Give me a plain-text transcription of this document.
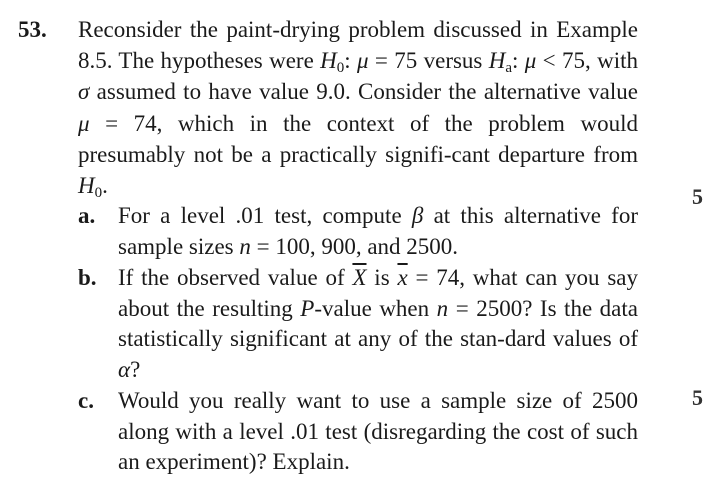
53. Reconsider the paint-drying problem discussed in Example 8.5. The hypotheses were $H_0$: μ = 75 versus $H_a$: μ < 75, with σ assumed to have value 9.0. Consider the alternative value μ = 74, which in the context of the problem would presumably not be a practically signifi-cant departure from $H_0$.
a. For a level .01 test, compute β at this alternative for sample sizes n = 100, 900, and 2500.
b. If the observed value of $\overline{X}$ is $\overline{x} = 74$, what can you say about the resulting P-value when n = 2500? Is the data statistically significant at any of the stan-dard values of α?
c. Would you really want to use a sample size of 2500 along with a level .01 test (disregarding the cost of such an experiment)? Explain.
5
5
